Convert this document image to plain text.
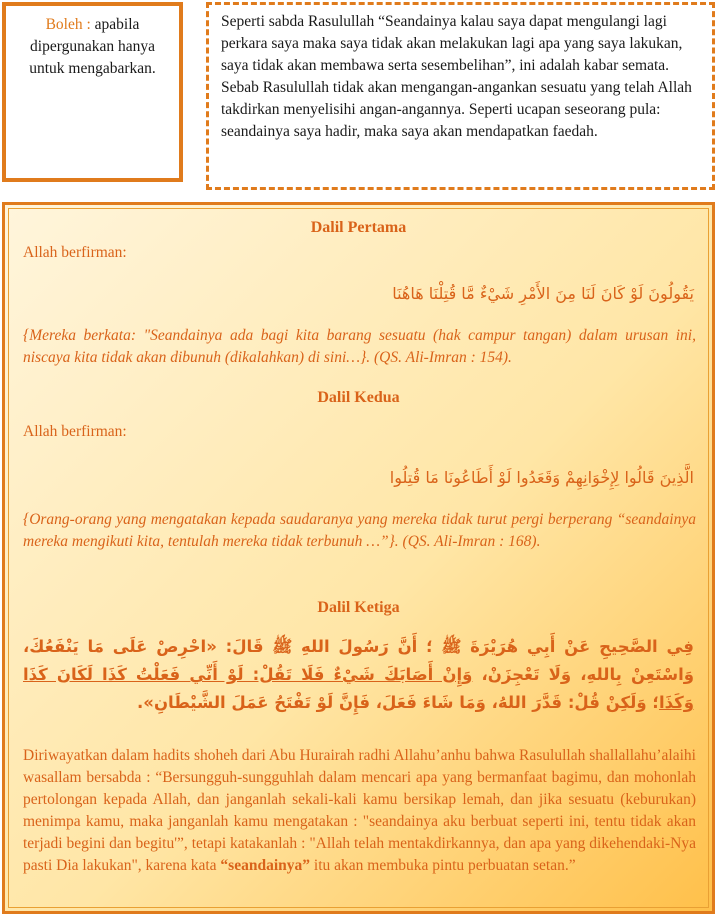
Boleh : apabila dipergunakan hanya untuk mengabarkan.
Seperti sabda Rasulullah “Seandainya kalau saya dapat mengulangi lagi perkara saya maka saya tidak akan melakukan lagi apa yang saya lakukan, saya tidak akan membawa serta sesembelihan”, ini adalah kabar semata. Sebab Rasulullah tidak akan mengangan-angankan sesuatu yang telah Allah takdirkan menyelisihi angan-angannya. Seperti ucapan seseorang pula: seandainya saya hadir, maka saya akan mendapatkan faedah.
Dalil Pertama
Allah berfirman:
يَقُولُونَ لَوْ كَانَ لَنَا مِنَ الأَمْرِ شَيْءٌ مَّا قُتِلْنَا هَاهُنَا
{Mereka berkata: "Seandainya ada bagi kita barang sesuatu (hak campur tangan) dalam urusan ini, niscaya kita tidak akan dibunuh (dikalahkan) di sini…}. (QS. Ali-Imran : 154).
Dalil Kedua
Allah berfirman:
الَّذِينَ قَالُوا لِإِخْوَانِهِمْ وَقَعَدُوا لَوْ أَطَاعُونَا مَا قُتِلُوا
{Orang-orang yang mengatakan kepada saudaranya yang mereka tidak turut pergi berperang “seandainya mereka mengikuti kita, tentulah mereka tidak terbunuh …”}. (QS. Ali-Imran : 168).
Dalil Ketiga
فِي الصَّحِيحِ عَنْ أَبِي هُرَيْرَةَ ﷺ ؛ أَنَّ رَسُولَ اللهِ ﷺ قَالَ: «احْرِصْ عَلَى مَا يَنْفَعُكَ، وَاسْتَعِنْ بِاللهِ، وَلَا تَعْجِزَنْ، وَإِنْ أَصَابَكَ شَيْءٌ فَلَا تَقُلْ: لَوْ أَنِّي فَعَلْتُ كَذَا لَكَانَ كَذَا وَكَذَا؛ وَلَكِنْ قُلْ: قَدَّرَ اللهُ، وَمَا شَاءَ فَعَلَ، فَإِنَّ لَوْ تَفْتَحُ عَمَلَ الشَّيْطَانِ».
Diriwayatkan dalam hadits shoheh dari Abu Hurairah radhi Allahu’anhu bahwa Rasulullah shallallahu’alaihi wasallam bersabda : “Bersungguh-sungguhlah dalam mencari apa yang bermanfaat bagimu, dan mohonlah pertolongan kepada Allah, dan janganlah sekali-kali kamu bersikap lemah, dan jika sesuatu (keburukan) menimpa kamu, maka janganlah kamu mengatakan : "seandainya aku berbuat seperti ini, tentu tidak akan terjadi begini dan begitu'”, tetapi katakanlah : "Allah telah mentakdirkannya, dan apa yang dikehendaki-Nya pasti Dia lakukan", karena kata “seandainya” itu akan membuka pintu perbuatan setan.”
